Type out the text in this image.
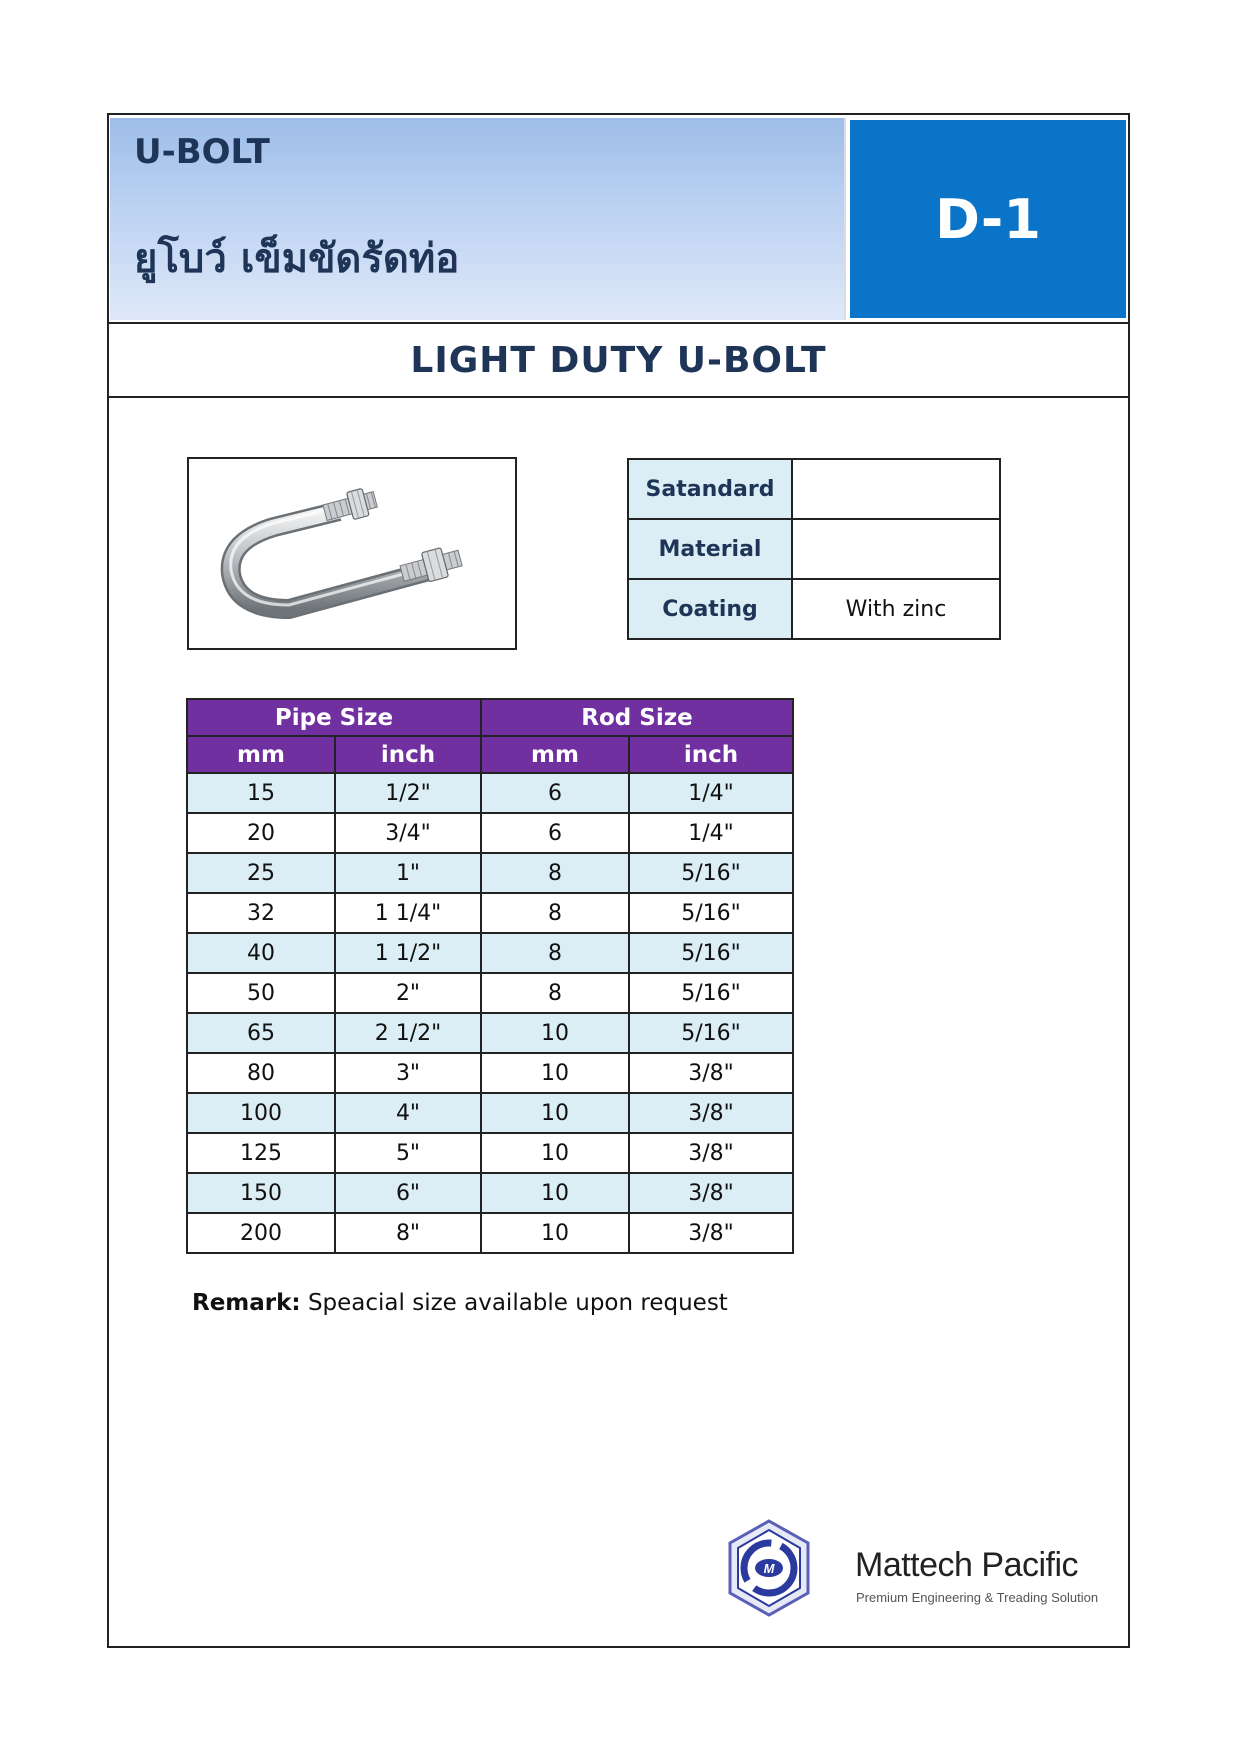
U-BOLT
ยูโบว์ เข็มขัดรัดท่อ
D-1
LIGHT DUTY U-BOLT
Satandard	
Material	
Coating	With zinc
Pipe Size		Rod Size	
mm	inch	mm	inch
15	1/2"	6	1/4"
20	3/4"	6	1/4"
25	1"	8	5/16"
32	1 1/4"	8	5/16"
40	1 1/2"	8	5/16"
50	2"	8	5/16"
65	2 1/2"	10	5/16"
80	3"	10	3/8"
100	4"	10	3/8"
125	5"	10	3/8"
150	6"	10	3/8"
200	8"	10	3/8"
Remark: Speacial size available upon request
M Mattech Pacific
Premium Engineering & Treading Solution
